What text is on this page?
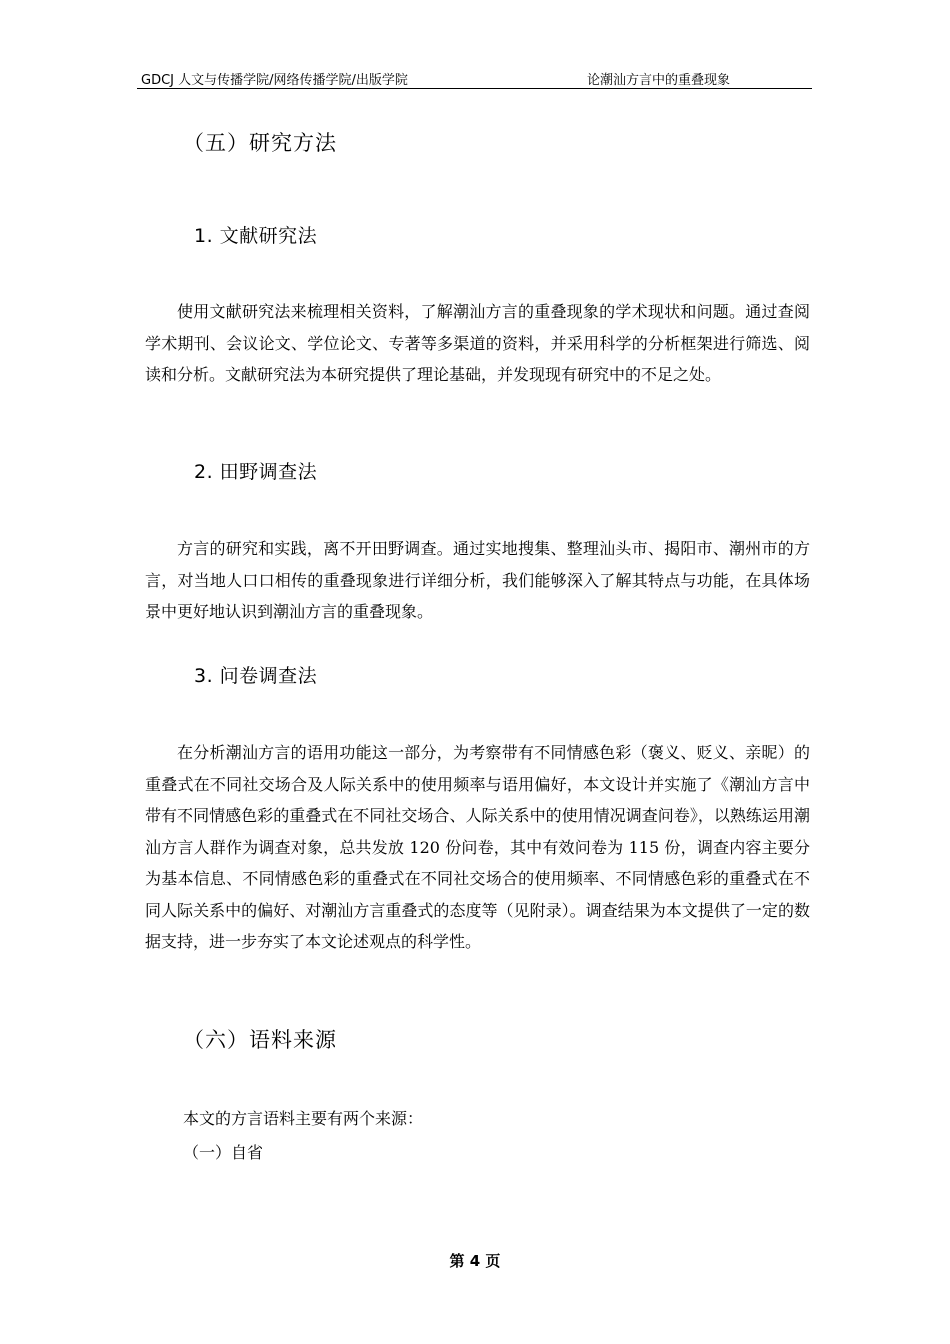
GDCJ 人文与传播学院/网络传播学院/出版学院	论潮汕方言中的重叠现象
（五）研究方法
1. 文献研究法

使用文献研究法来梳理相关资料，了解潮汕方言的重叠现象的学术现状和问题。通过查阅学术期刊、会议论文、学位论文、专著等多渠道的资料，并采用科学的分析框架进行筛选、阅读和分析。文献研究法为本研究提供了理论基础，并发现现有研究中的不足之处。

2. 田野调查法

方言的研究和实践，离不开田野调查。通过实地搜集、整理汕头市、揭阳市、潮州市的方言，对当地人口口相传的重叠现象进行详细分析，我们能够深入了解其特点与功能，在具体场景中更好地认识到潮汕方言的重叠现象。

3. 问卷调查法

在分析潮汕方言的语用功能这一部分，为考察带有不同情感色彩（褒义、贬义、亲昵）的重叠式在不同社交场合及人际关系中的使用频率与语用偏好，本文设计并实施了《潮汕方言中带有不同情感色彩的重叠式在不同社交场合、人际关系中的使用情况调查问卷》，以熟练运用潮汕方言人群作为调查对象，总共发放 120 份问卷，其中有效问卷为 115 份，调查内容主要分为基本信息、不同情感色彩的重叠式在不同社交场合的使用频率、不同情感色彩的重叠式在不同人际关系中的偏好、对潮汕方言重叠式的态度等（见附录）。调查结果为本文提供了一定的数据支持，进一步夯实了本文论述观点的科学性。

（六）语料来源
本文的方言语料主要有两个来源：
（一）自省
第 4 页
